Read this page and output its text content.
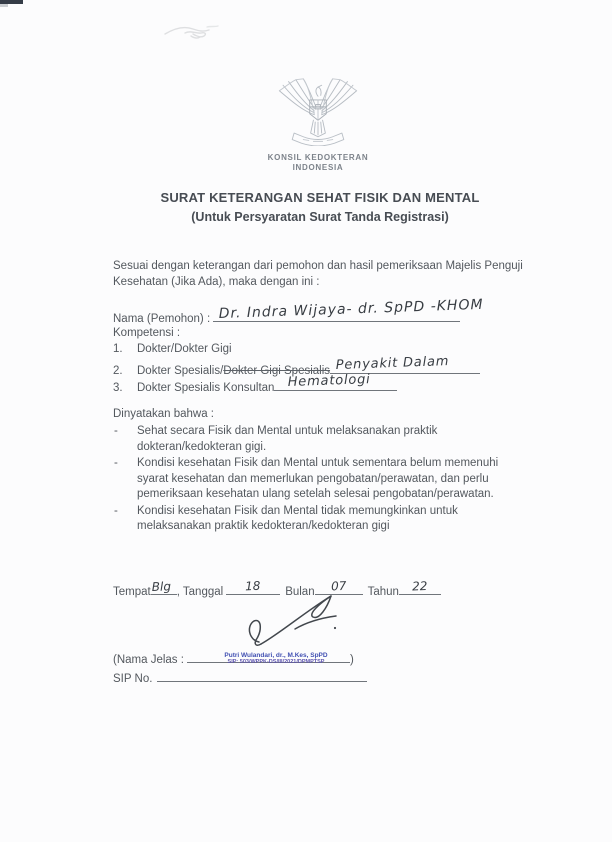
KONSIL KEDOKTERAN
INDONESIA
SURAT KETERANGAN SEHAT FISIK DAN MENTAL
(Untuk Persyaratan Surat Tanda Registrasi)
Sesuai dengan keterangan dari pemohon dan hasil pemeriksaan Majelis Penguji Kesehatan (Jika Ada), maka dengan ini :
Nama (Pemohon) : Dr. Indra Wijaya- dr. SpPD -KHOM
Kompetensi :
1. Dokter/Dokter Gigi
2. Dokter Spesialis/Dokter Gigi Spesialis Penyakit Dalam
3. Dokter Spesialis Konsultan Hematologi
Dinyatakan bahwa :
- Sehat secara Fisik dan Mental untuk melaksanakan praktik dokteran/kedokteran gigi.
- Kondisi kesehatan Fisik dan Mental untuk sementara belum memenuhi syarat kesehatan dan memerlukan pengobatan/perawatan, dan perlu pemeriksaan kesehatan ulang setelah selesai pengobatan/perawatan.
- Kondisi kesehatan Fisik dan Mental tidak memungkinkan untuk melaksanakan praktik kedokteran/kedokteran gigi
Tempat Blg , Tanggal	18	Bulan	07	Tahun	22
(Nama Jelas :	)
Putri Wulandari, dr., M.Kes, SpPD
SIP: 503/WPPK-DS/III/2021/DPMPTSP
SIP No.
